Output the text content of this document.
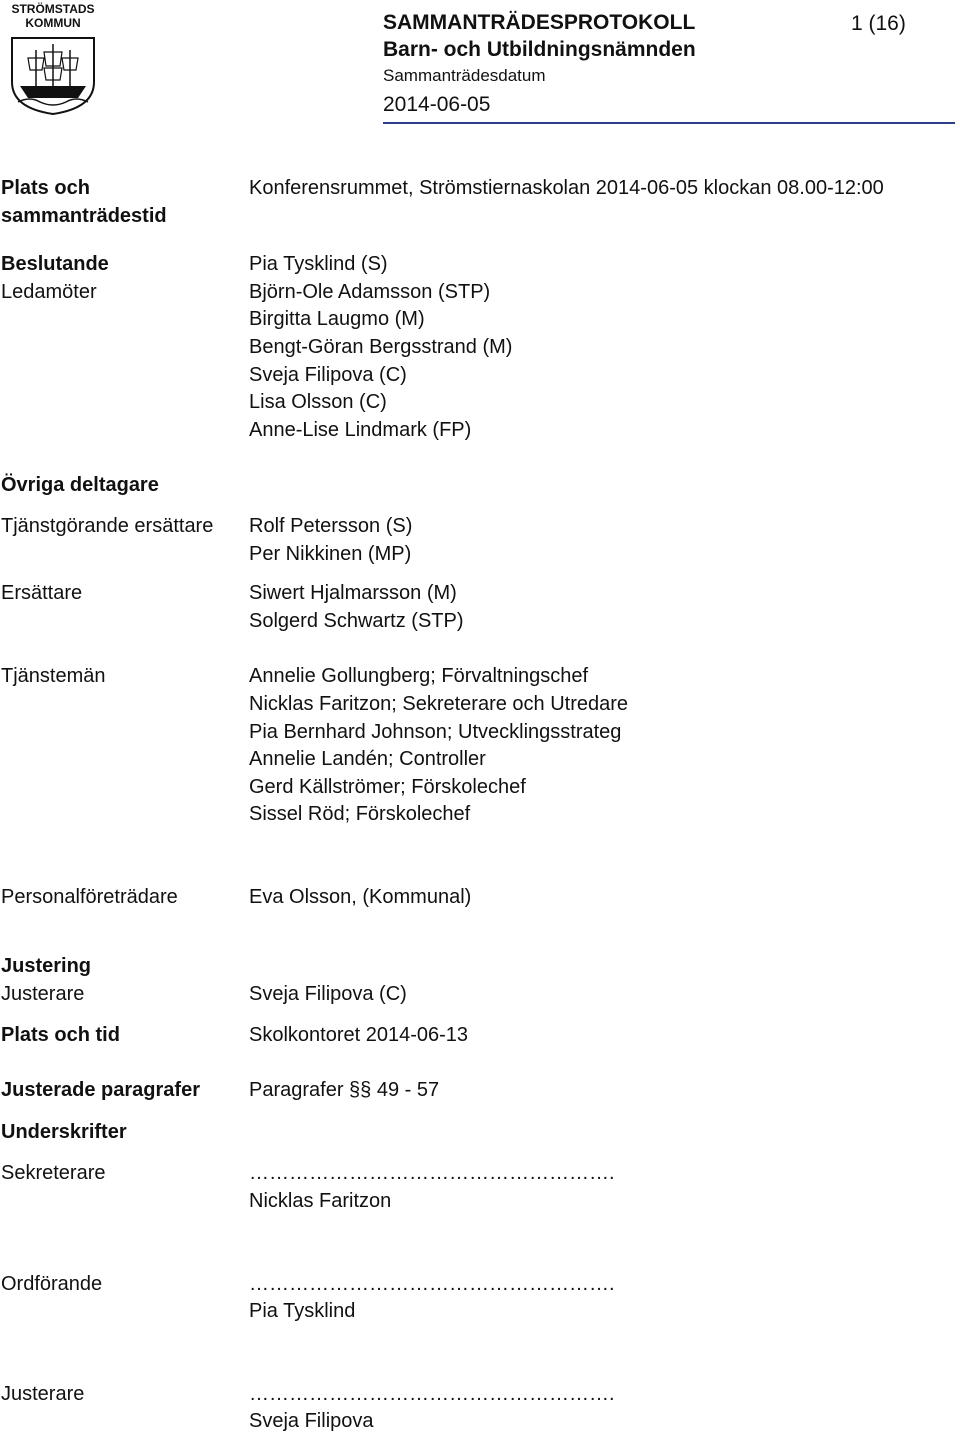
STRÖMSTADS
KOMMUN	SAMMANTRÄDESPROTOKOLL
Barn- och Utbildningsnämnden
Sammanträdesdatum
2014-06-05
1 (16)
Plats och
sammanträdestid
Konferensrummet, Strömstiernaskolan 2014-06-05 klockan 08.00-12:00
Beslutande
Ledamöter
Pia Tysklind (S)
Björn-Ole Adamsson (STP)
Birgitta Laugmo (M)
Bengt-Göran Bergsstrand (M)
Sveja Filipova (C)
Lisa Olsson (C)
Anne-Lise Lindmark (FP)
Övriga deltagare
Tjänstgörande ersättare Rolf Petersson (S)
Per Nikkinen (MP)
Ersättare	Siwert Hjalmarsson (M)
Solgerd Schwartz (STP)
Tjänstemän	Annelie Gollungberg; Förvaltningschef
Nicklas Faritzon; Sekreterare och Utredare
Pia Bernhard Johnson; Utvecklingsstrateg
Annelie Landén; Controller
Gerd Källströmer; Förskolechef
Sissel Röd; Förskolechef
Personalföreträdare	Eva Olsson, (Kommunal)
Justering
Justerare	Sveja Filipova (C)
Plats och tid	Skolkontoret 2014-06-13
Justerade paragrafer Paragrafer §§ 49 - 57
Underskrifter
Sekreterare	……………………………………………….
Nicklas Faritzon
Ordförande	……………………………………………….
Pia Tysklind
Justerare	……………………………………………….
Sveja Filipova
